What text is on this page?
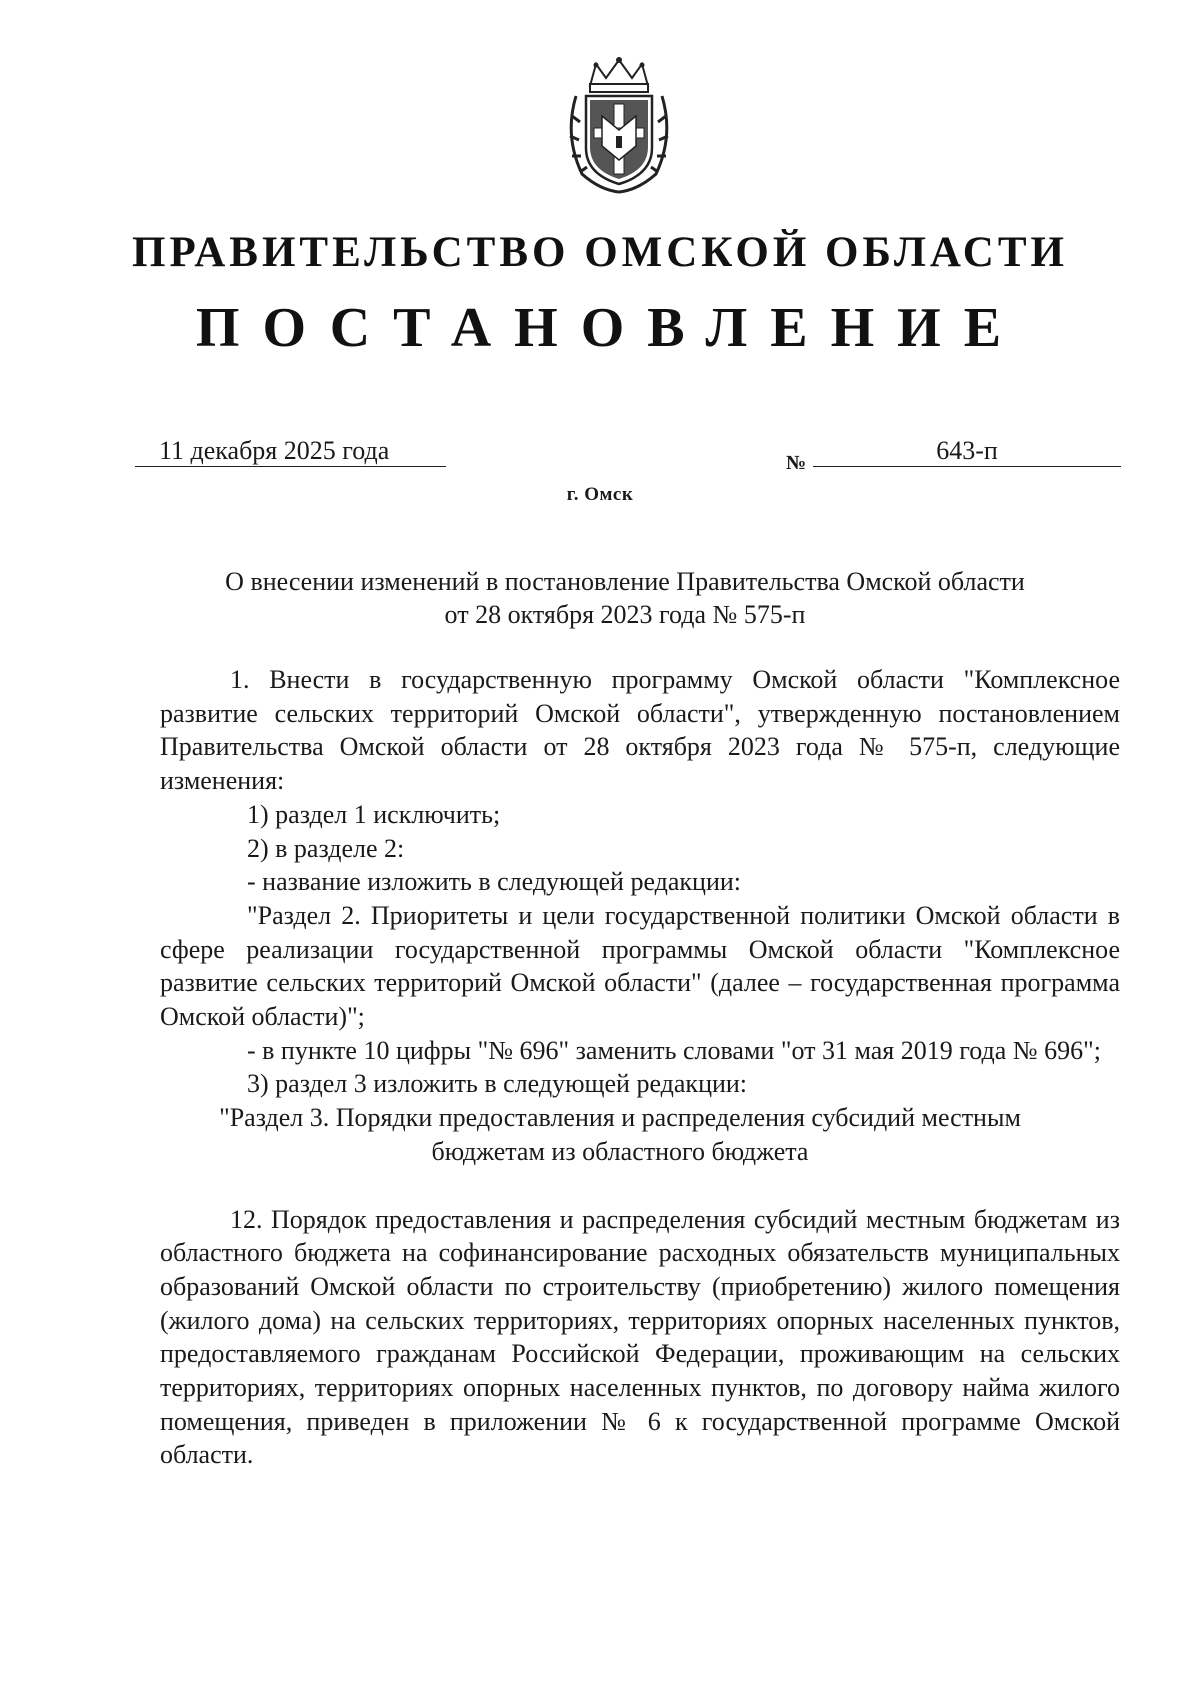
ПРАВИТЕЛЬСТВО ОМСКОЙ ОБЛАСТИ
ПОСТАНОВЛЕНИЕ
11 декабря 2025 года	№	643-п
г. Омск
О внесении изменений в постановление Правительства Омской области
от 28 октября 2023 года № 575-п

1. Внести в государственную программу Омской области "Комплексное развитие сельских территорий Омской области", утвержденную постановлением Правительства Омской области от 28 октября 2023 года № 575-п, следующие изменения:

1) раздел 1 исключить;

2) в разделе 2:

- название изложить в следующей редакции:

"Раздел 2. Приоритеты и цели государственной политики Омской области в сфере реализации государственной программы Омской области "Комплексное развитие сельских территорий Омской области" (далее – государственная программа Омской области)";

- в пункте 10 цифры "№ 696" заменить словами "от 31 мая 2019 года № 696";

3) раздел 3 изложить в следующей редакции:

"Раздел 3. Порядки предоставления и распределения субсидий местным
бюджетам из областного бюджета

12. Порядок предоставления и распределения субсидий местным бюджетам из областного бюджета на софинансирование расходных обязательств муниципальных образований Омской области по строительству (приобретению) жилого помещения (жилого дома) на сельских территориях, территориях опорных населенных пунктов, предоставляемого гражданам Российской Федерации, проживающим на сельских территориях, территориях опорных населенных пунктов, по договору найма жилого помещения, приведен в приложении № 6 к государственной программе Омской области.
